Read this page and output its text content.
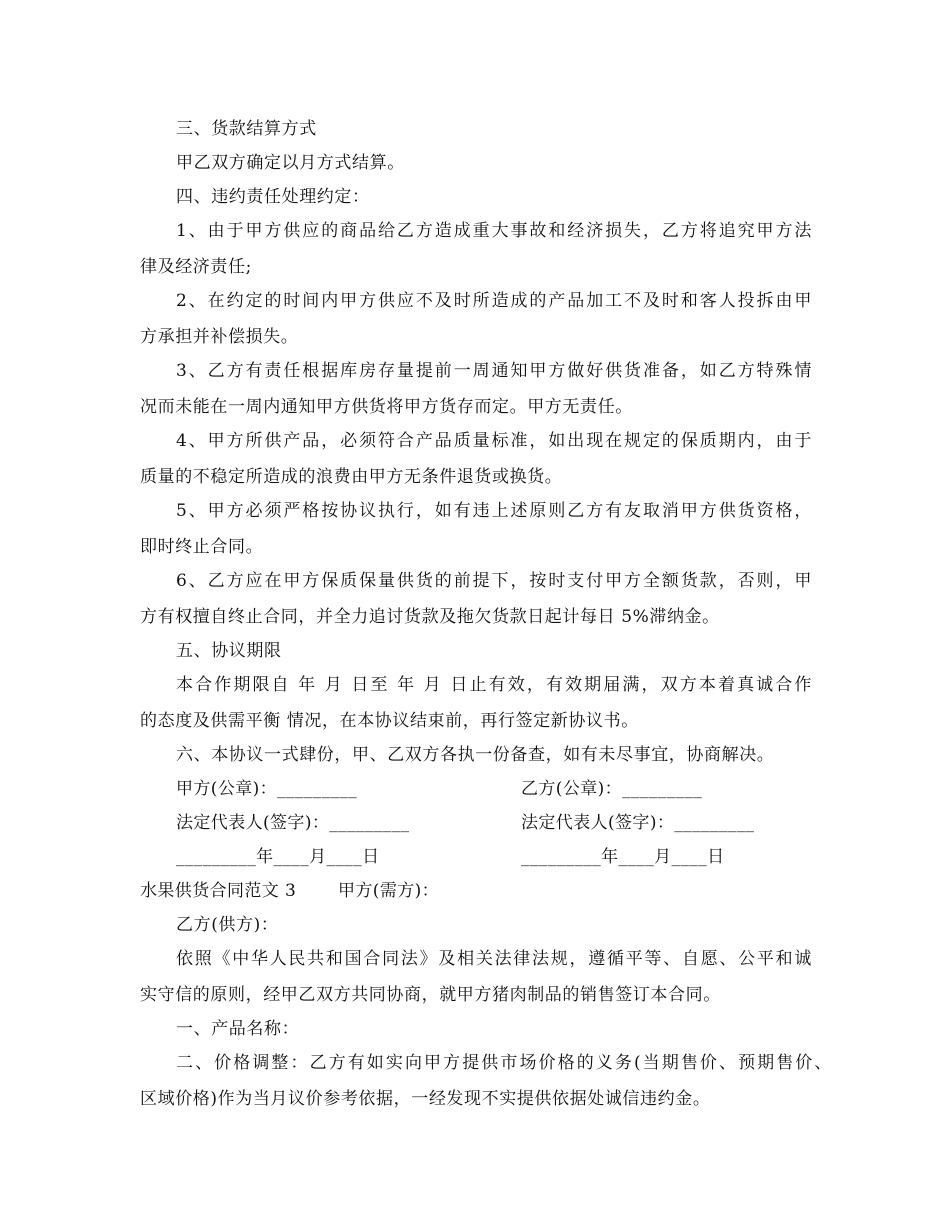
三、货款结算方式
甲乙双方确定以月方式结算。
四、违约责任处理约定：
1、由于甲方供应的商品给乙方造成重大事故和经济损失，乙方将追究甲方法
律及经济责任;
2、在约定的时间内甲方供应不及时所造成的产品加工不及时和客人投拆由甲
方承担并补偿损失。
3、乙方有责任根据库房存量提前一周通知甲方做好供货准备，如乙方特殊情
况而未能在一周内通知甲方供货将甲方货存而定。甲方无责任。
4、甲方所供产品，必须符合产品质量标准，如出现在规定的保质期内，由于
质量的不稳定所造成的浪费由甲方无条件退货或换货。
5、甲方必须严格按协议执行，如有违上述原则乙方有友取消甲方供货资格，
即时终止合同。
6、乙方应在甲方保质保量供货的前提下，按时支付甲方全额货款，否则，甲
方有权擅自终止合同，并全力追讨货款及拖欠货款日起计每日 5%滞纳金。
五、协议期限
本合作期限自 年 月 日至 年 月 日止有效，有效期届满，双方本着真诚合作
的态度及供需平衡 情况，在本协议结束前，再行签定新协议书。
六、本协议一式肆份，甲、乙双方各执一份备查，如有未尽事宜，协商解决。
甲方(公章)：_________	乙方(公章)：_________
法定代表人(签字)：_________	法定代表人(签字)：_________
_________年____月____日	_________年____月____日
水果供货合同范文 3 甲方(需方)：
乙方(供方)：
依照《中华人民共和国合同法》及相关法律法规，遵循平等、自愿、公平和诚
实守信的原则，经甲乙双方共同协商，就甲方猪肉制品的销售签订本合同。
一、产品名称：
二、价格调整：乙方有如实向甲方提供市场价格的义务(当期售价、预期售价、
区域价格)作为当月议价参考依据，一经发现不实提供依据处诚信违约金。
